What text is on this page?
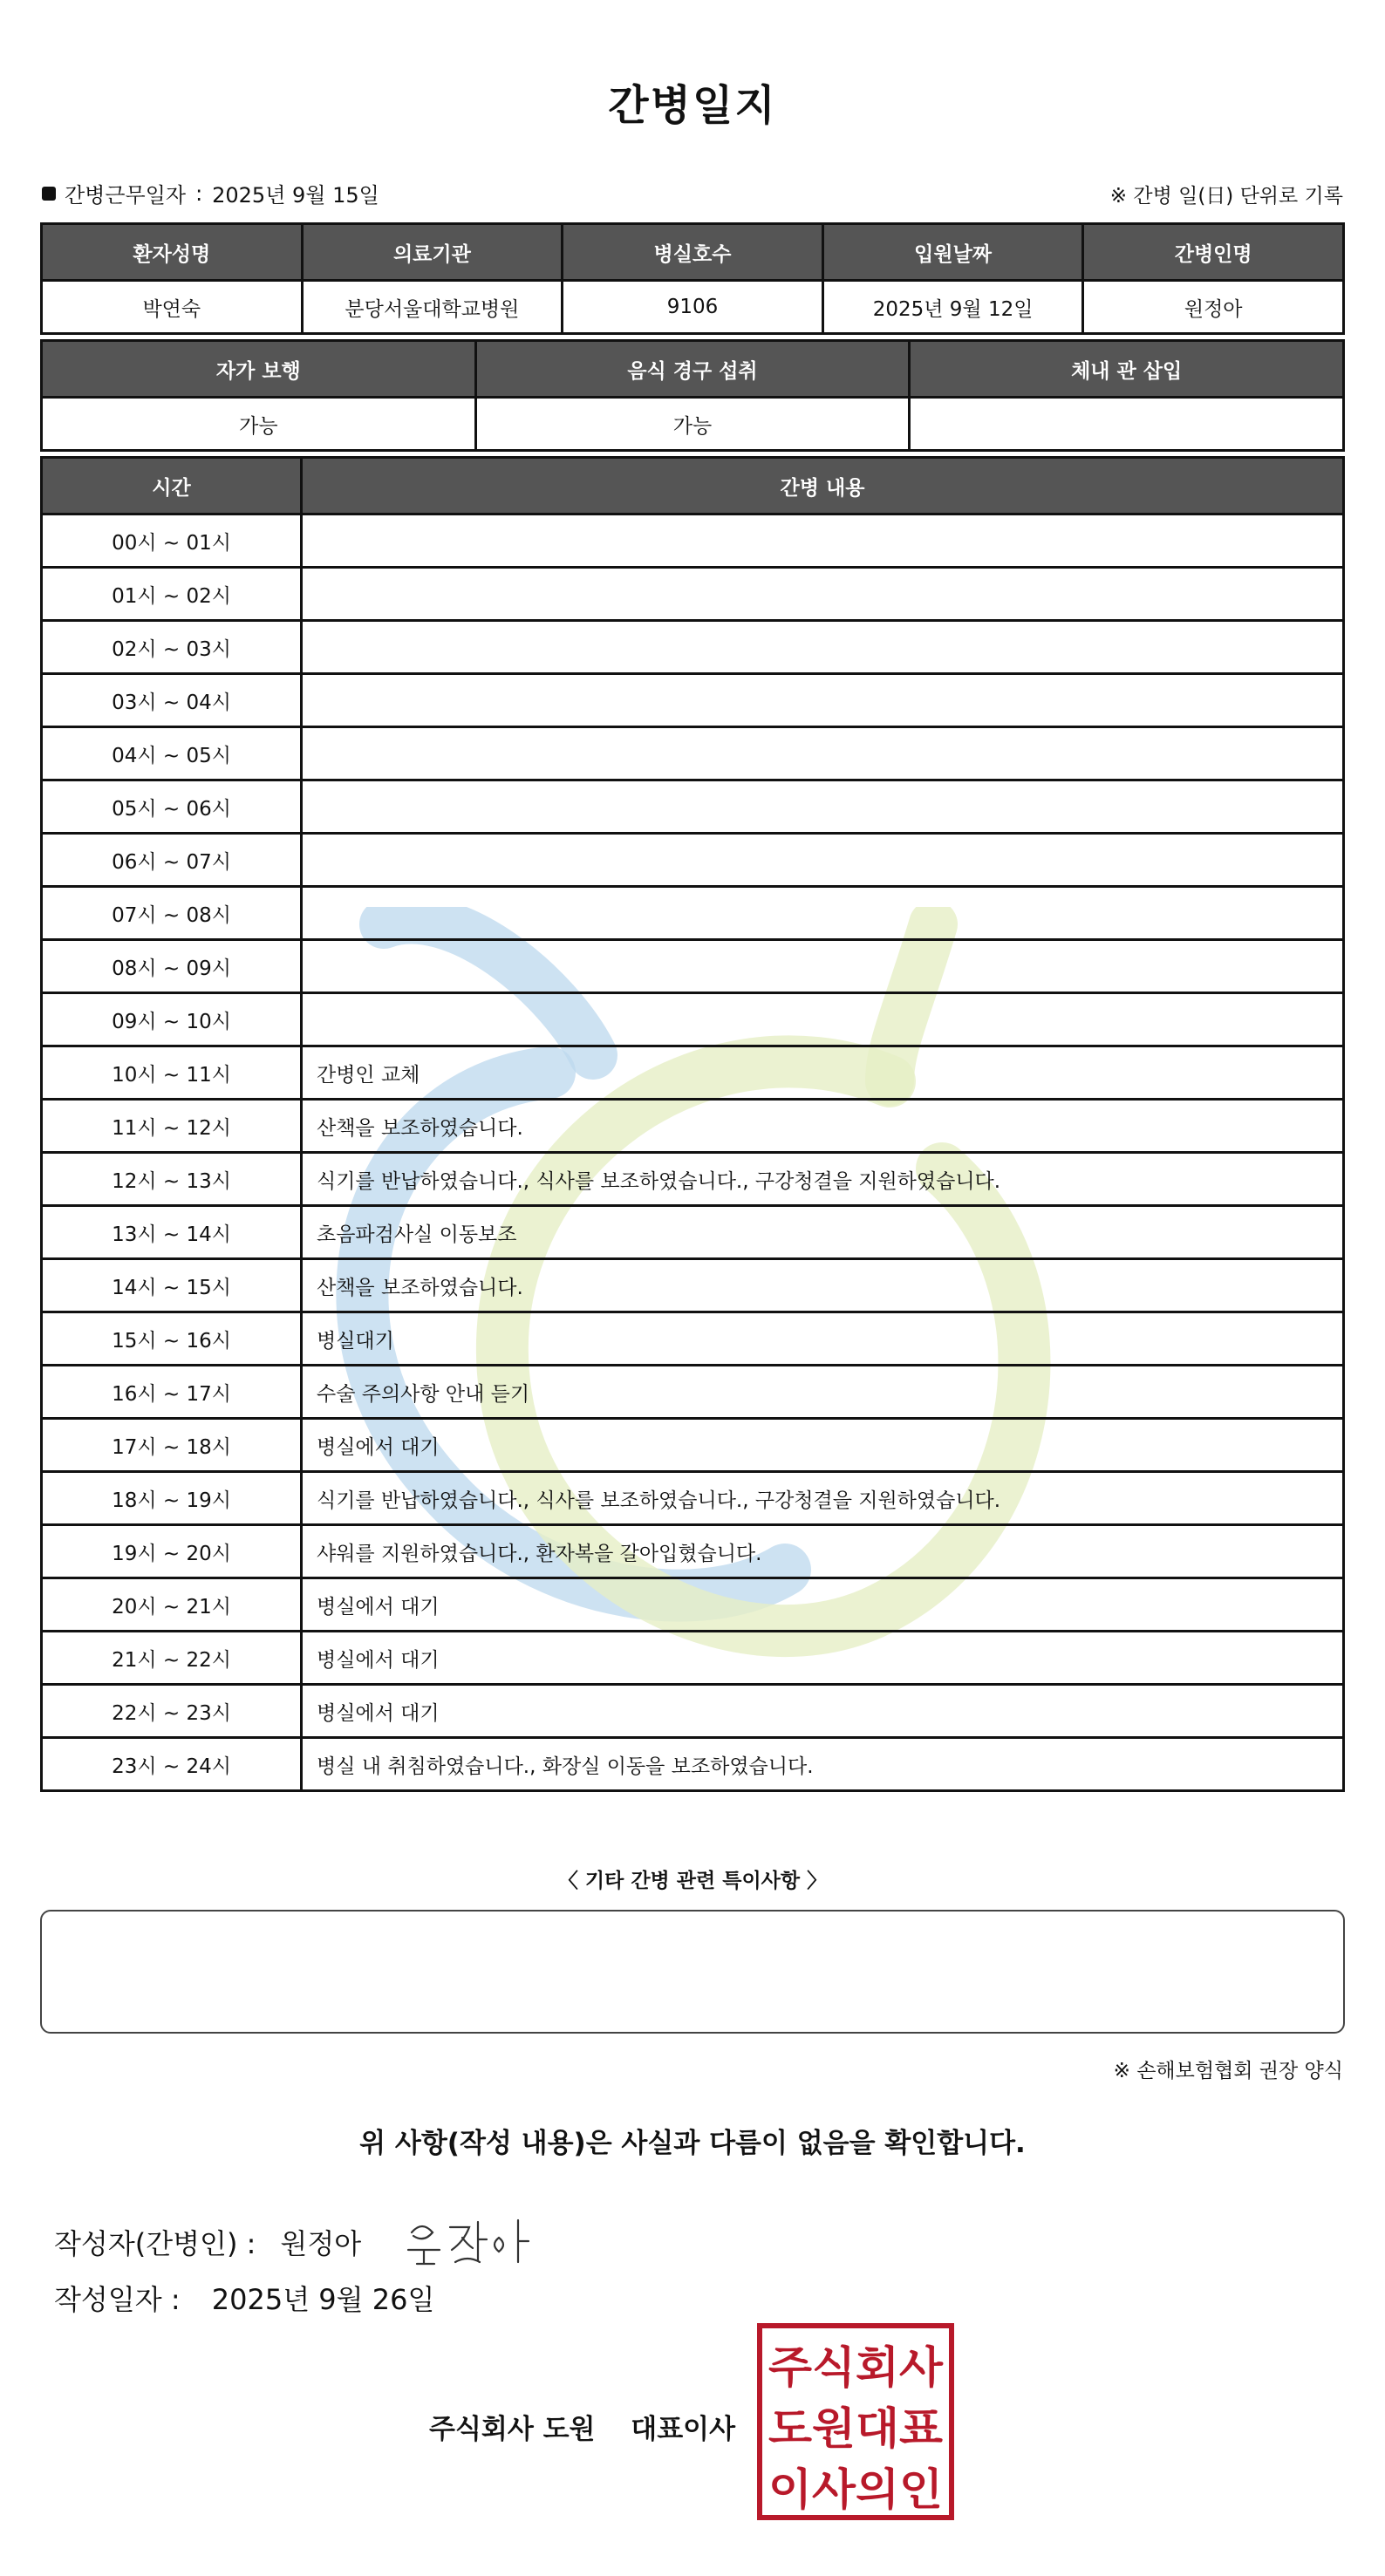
간병일지
간병근무일자 : 2025년 9월 15일	※ 간병 일(日) 단위로 기록
환자성명	의료기관	병실호수	입원날짜	간병인명
박연숙	분당서울대학교병원	9106	2025년 9월 12일	원정아
자가 보행	음식 경구 섭취	체내 관 삽입
가능	가능	
시간	간병 내용
00시 ~ 01시	
01시 ~ 02시	
02시 ~ 03시	
03시 ~ 04시	
04시 ~ 05시	
05시 ~ 06시	
06시 ~ 07시	
07시 ~ 08시	
08시 ~ 09시	
09시 ~ 10시	
10시 ~ 11시	간병인 교체
11시 ~ 12시	산책을 보조하였습니다.
12시 ~ 13시	식기를 반납하였습니다., 식사를 보조하였습니다., 구강청결을 지원하였습니다.
13시 ~ 14시	초음파검사실 이동보조
14시 ~ 15시	산책을 보조하였습니다.
15시 ~ 16시	병실대기
16시 ~ 17시	수술 주의사항 안내 듣기
17시 ~ 18시	병실에서 대기
18시 ~ 19시	식기를 반납하였습니다., 식사를 보조하였습니다., 구강청결을 지원하였습니다.
19시 ~ 20시	샤워를 지원하였습니다., 환자복을 갈아입혔습니다.
20시 ~ 21시	병실에서 대기
21시 ~ 22시	병실에서 대기
22시 ~ 23시	병실에서 대기
23시 ~ 24시	병실 내 취침하였습니다., 화장실 이동을 보조하였습니다.
〈 기타 간병 관련 특이사항 〉
※ 손해보험협회 권장 양식
위 사항(작성 내용)은 사실과 다름이 없음을 확인합니다.
작성자(간병인) : 원정아
작성일자 : 2025년 9월 26일
주식회사 도원 대표이사
주식회사
도원대표
이사의인
